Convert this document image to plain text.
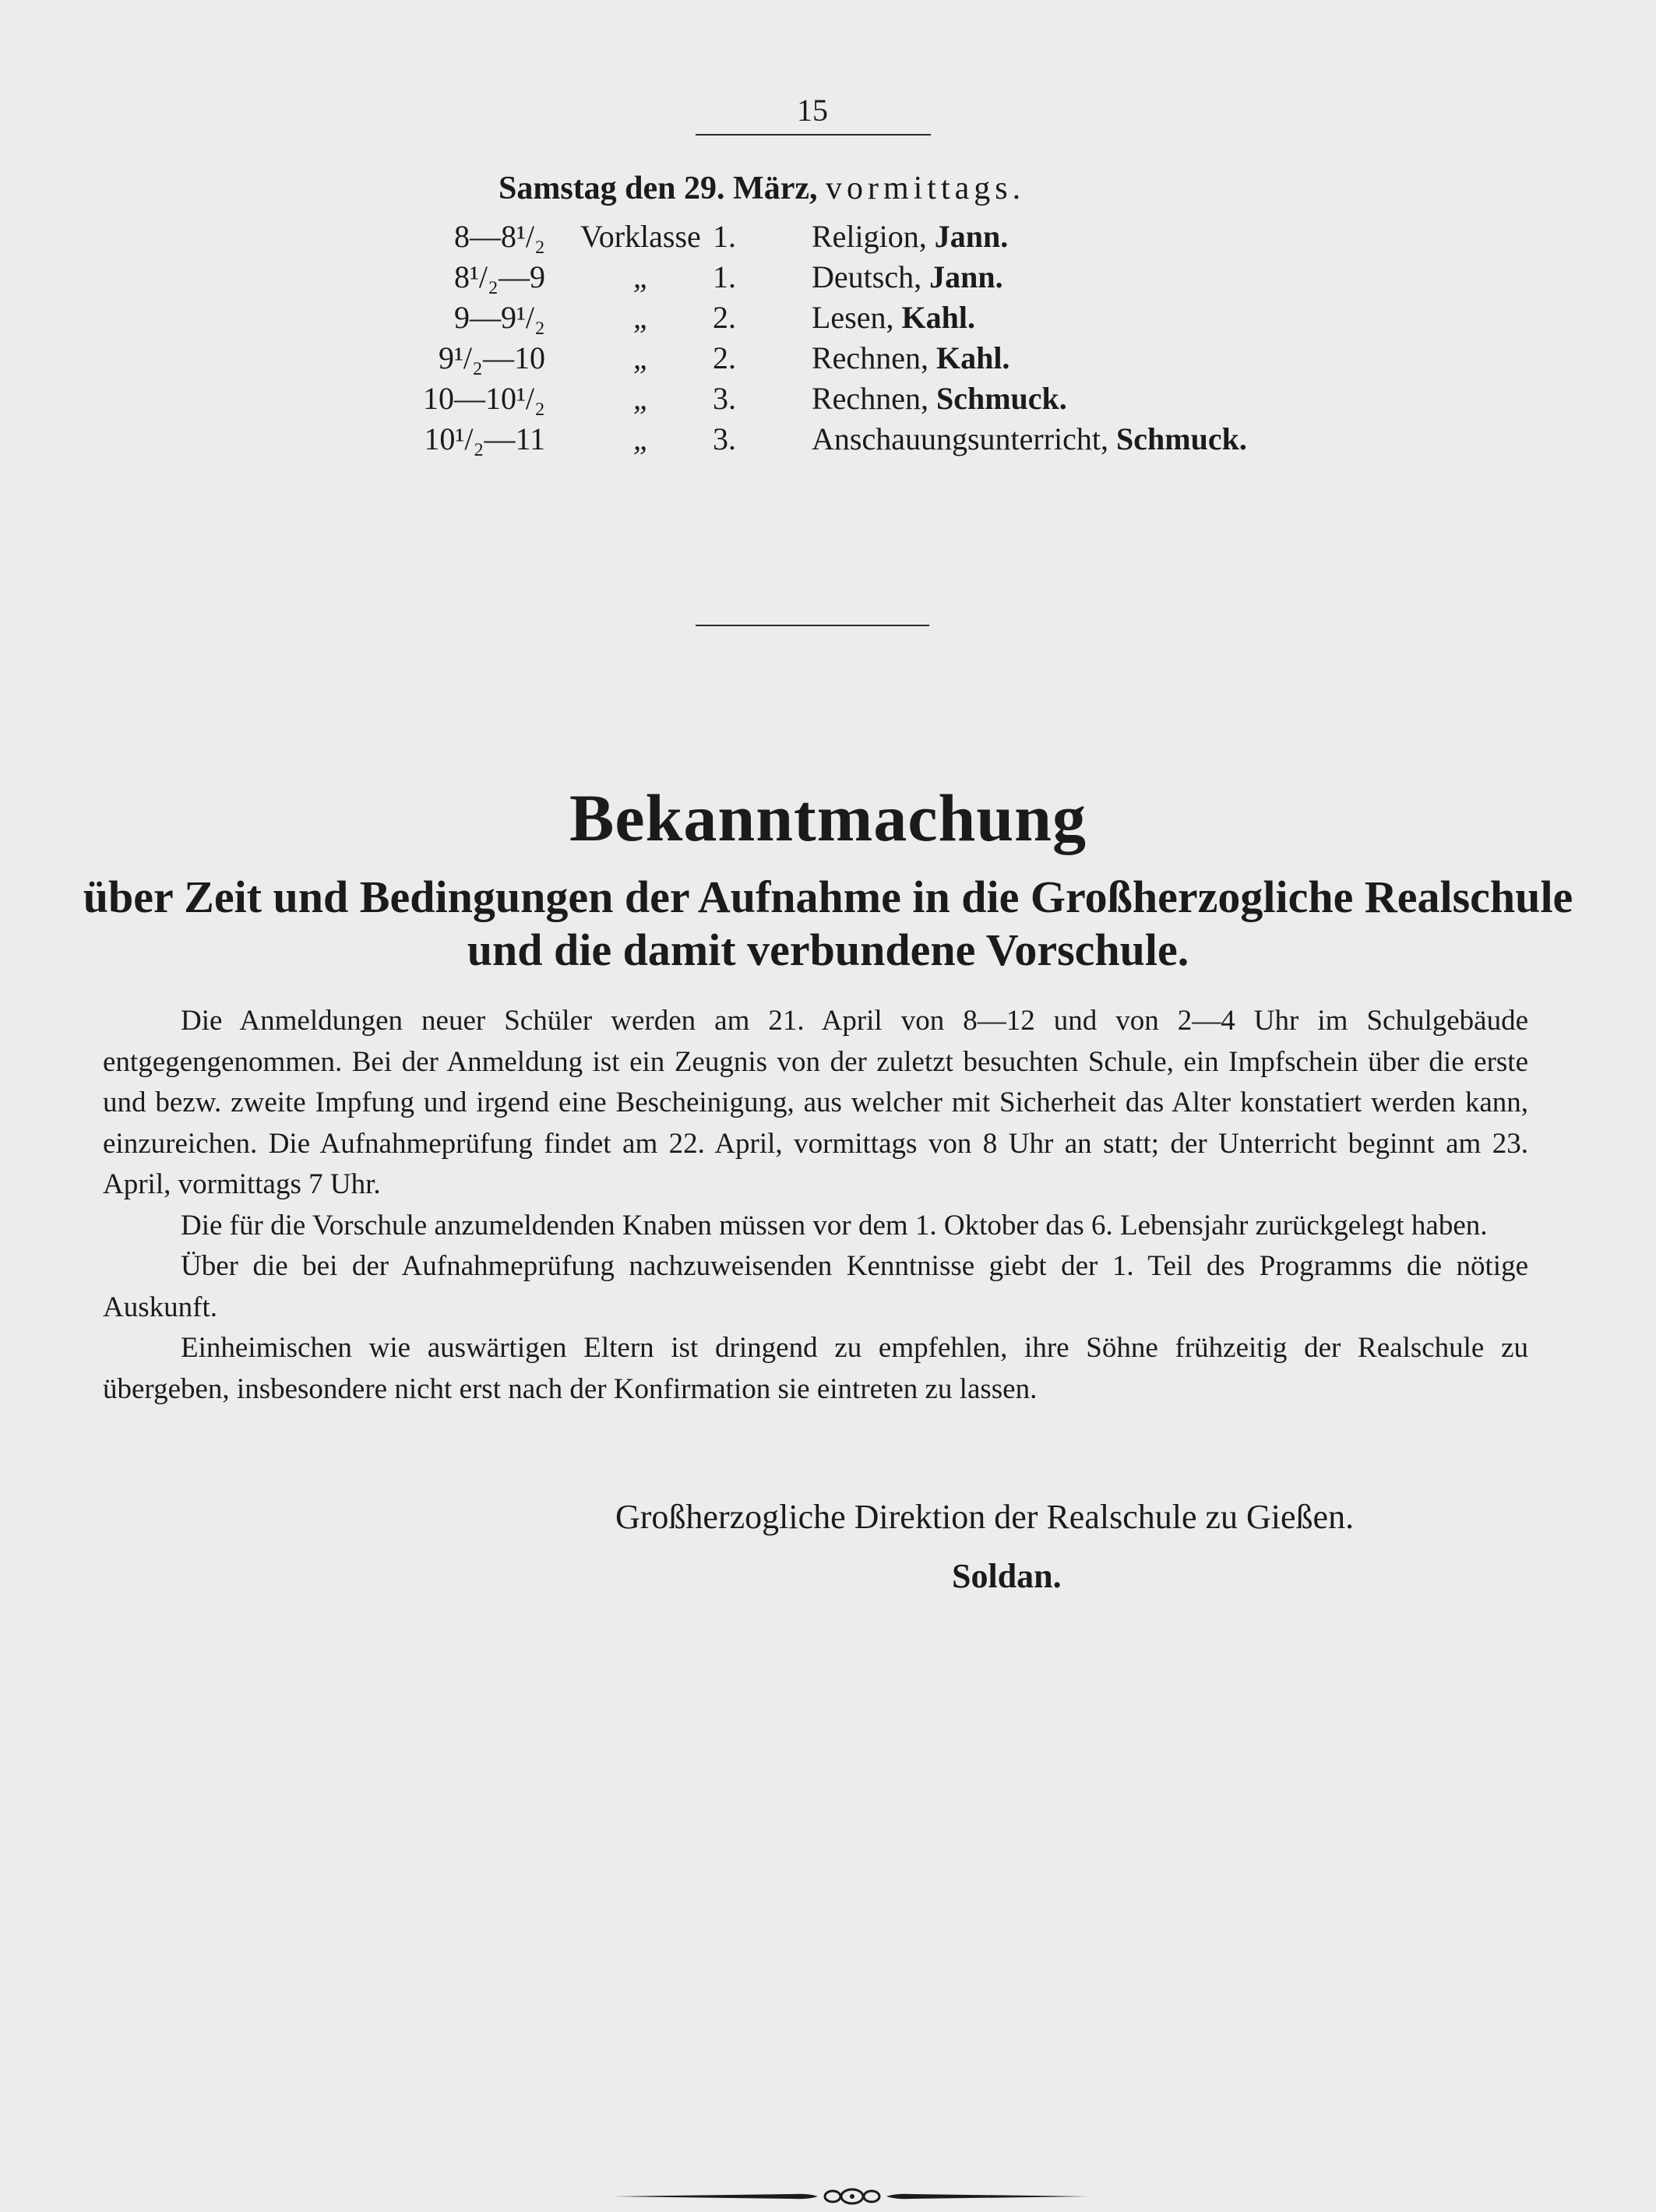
15
Samstag den 29. März, vormittags.
8—8¹/₂ Vorklasse 1. Religion, Jann.
8¹/₂—9	„ 1. Deutsch, Jann.
9—9¹/₂	„ 2. Lesen, Kahl.
9¹/₂—10	„ 2. Rechnen, Kahl.
10—10¹/₂	„ 3. Rechnen, Schmuck.
10¹/₂—11	„ 3. Anschauungsunterricht, Schmuck.
Bekanntmachung
über Zeit und Bedingungen der Aufnahme in die Großherzogliche Realschule
und die damit verbundene Vorschule.

Die Anmeldungen neuer Schüler werden am 21. April von 8—12 und von 2—4 Uhr im Schulgebäude entgegengenommen. Bei der Anmeldung ist ein Zeugnis von der zuletzt besuchten Schule, ein Impfschein über die erste und bezw. zweite Impfung und irgend eine Bescheinigung, aus welcher mit Sicherheit das Alter konstatiert werden kann, einzureichen. Die Aufnahmeprüfung findet am 22. April, vormittags von 8 Uhr an statt; der Unterricht beginnt am 23. April, vormittags 7 Uhr.

Die für die Vorschule anzumeldenden Knaben müssen vor dem 1. Oktober das 6. Lebensjahr zurückgelegt haben.

Über die bei der Aufnahmeprüfung nachzuweisenden Kenntnisse giebt der 1. Teil des Programms die nötige Auskunft.

Einheimischen wie auswärtigen Eltern ist dringend zu empfehlen, ihre Söhne frühzeitig der Realschule zu übergeben, insbesondere nicht erst nach der Konfirmation sie eintreten zu lassen.

Großherzogliche Direktion der Realschule zu Gießen.
Soldan.
